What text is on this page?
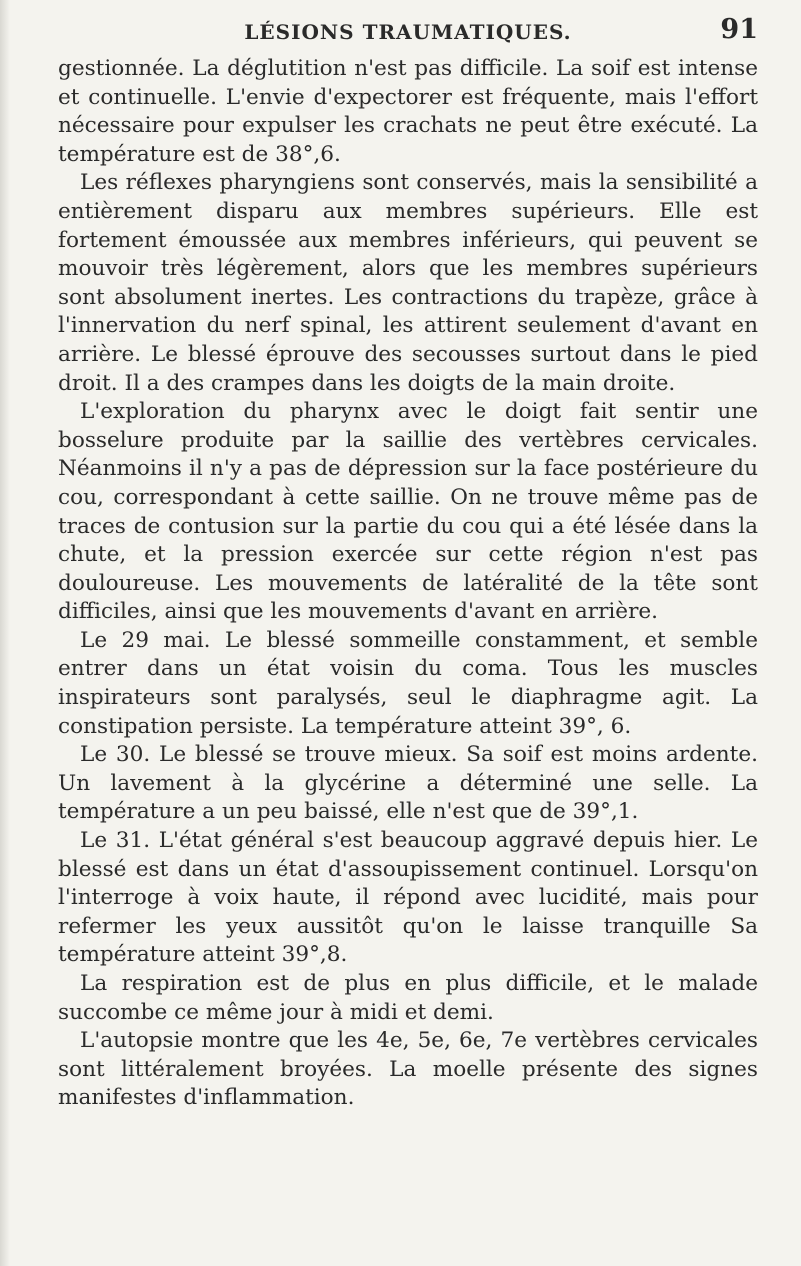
LÉSIONS TRAUMATIQUES.	91

gestionnée. La déglutition n'est pas difficile. La soif est intense et continuelle. L'envie d'expectorer est fréquente, mais l'effort nécessaire pour expulser les crachats ne peut être exécuté. La température est de 38°,6.

Les réflexes pharyngiens sont conservés, mais la sensibilité a entièrement disparu aux membres supérieurs. Elle est fortement émoussée aux membres inférieurs, qui peuvent se mouvoir très légèrement, alors que les membres supérieurs sont absolument inertes. Les contractions du trapèze, grâce à l'innervation du nerf spinal, les attirent seulement d'avant en arrière. Le blessé éprouve des secousses surtout dans le pied droit. Il a des crampes dans les doigts de la main droite.

L'exploration du pharynx avec le doigt fait sentir une bosselure produite par la saillie des vertèbres cervicales. Néanmoins il n'y a pas de dépression sur la face postérieure du cou, correspondant à cette saillie. On ne trouve même pas de traces de contusion sur la partie du cou qui a été lésée dans la chute, et la pression exercée sur cette région n'est pas douloureuse. Les mouvements de latéralité de la tête sont difficiles, ainsi que les mouvements d'avant en arrière.

Le 29 mai. Le blessé sommeille constamment, et semble entrer dans un état voisin du coma. Tous les muscles inspirateurs sont paralysés, seul le diaphragme agit. La constipation persiste. La température atteint 39°, 6.

Le 30. Le blessé se trouve mieux. Sa soif est moins ardente. Un lavement à la glycérine a déterminé une selle. La température a un peu baissé, elle n'est que de 39°,1.

Le 31. L'état général s'est beaucoup aggravé depuis hier. Le blessé est dans un état d'assoupissement continuel. Lorsqu'on l'interroge à voix haute, il répond avec lucidité, mais pour refermer les yeux aussitôt qu'on le laisse tranquille Sa température atteint 39°,8.

La respiration est de plus en plus difficile, et le malade succombe ce même jour à midi et demi.

L'autopsie montre que les 4e, 5e, 6e, 7e vertèbres cervicales sont littéralement broyées. La moelle présente des signes manifestes d'inflammation.
